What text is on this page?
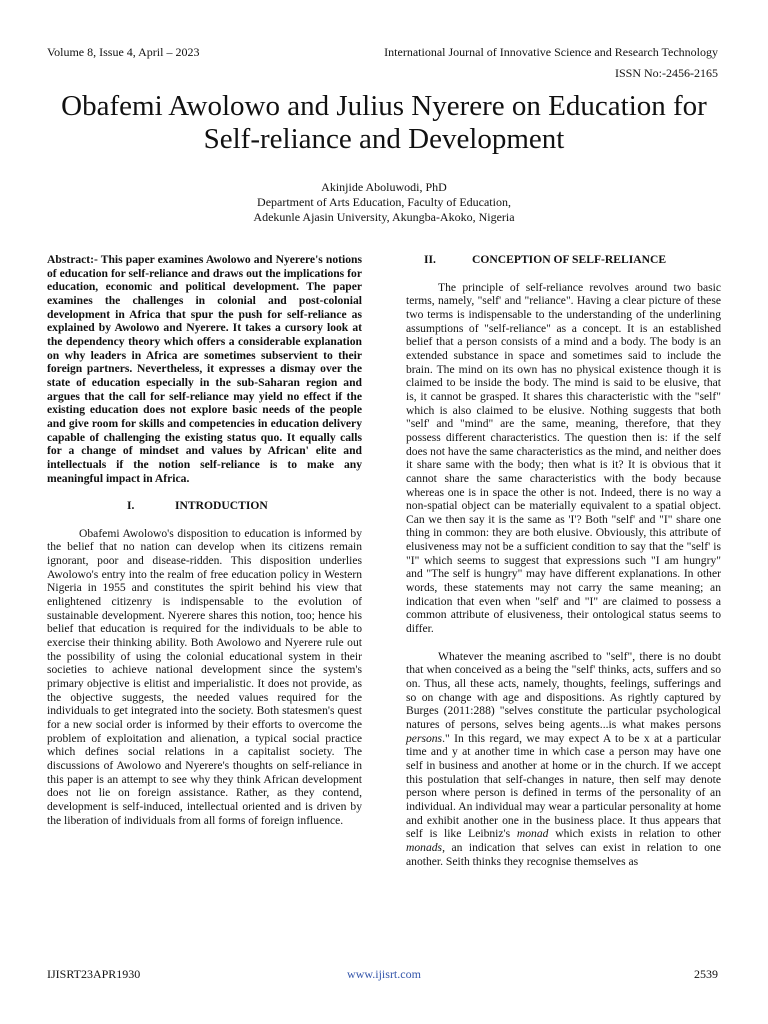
Volume 8, Issue 4, April – 2023	International Journal of Innovative Science and Research Technology
ISSN No:-2456-2165
Obafemi Awolowo and Julius Nyerere on Education for Self-reliance and Development
Akinjide Aboluwodi, PhD
Department of Arts Education, Faculty of Education,
Adekunle Ajasin University, Akungba-Akoko, Nigeria

Abstract:- This paper examines Awolowo and Nyerere's notions of education for self-reliance and draws out the implications for education, economic and political development. The paper examines the challenges in colonial and post-colonial development in Africa that spur the push for self-reliance as explained by Awolowo and Nyerere. It takes a cursory look at the dependency theory which offers a considerable explanation on why leaders in Africa are sometimes subservient to their foreign partners. Nevertheless, it expresses a dismay over the state of education especially in the sub-Saharan region and argues that the call for self-reliance may yield no effect if the existing education does not explore basic needs of the people and give room for skills and competencies in education delivery capable of challenging the existing status quo. It equally calls for a change of mindset and values by African' elite and intellectuals if the notion self-reliance is to make any meaningful impact in Africa.

I.	INTRODUCTION

Obafemi Awolowo's disposition to education is informed by the belief that no nation can develop when its citizens remain ignorant, poor and disease-ridden. This disposition underlies Awolowo's entry into the realm of free education policy in Western Nigeria in 1955 and constitutes the spirit behind his view that enlightened citizenry is indispensable to the evolution of sustainable development. Nyerere shares this notion, too; hence his belief that education is required for the individuals to be able to exercise their thinking ability. Both Awolowo and Nyerere rule out the possibility of using the colonial educational system in their societies to achieve national development since the system's primary objective is elitist and imperialistic. It does not provide, as the objective suggests, the needed values required for the individuals to get integrated into the society. Both statesmen's quest for a new social order is informed by their efforts to overcome the problem of exploitation and alienation, a typical social practice which defines social relations in a capitalist society. The discussions of Awolowo and Nyerere's thoughts on self-reliance in this paper is an attempt to see why they think African development does not lie on foreign assistance. Rather, as they contend, development is self-induced, intellectual oriented and is driven by the liberation of individuals from all forms of foreign influence.

II.	CONCEPTION OF SELF-RELIANCE

The principle of self-reliance revolves around two basic terms, namely, "self' and "reliance". Having a clear picture of these two terms is indispensable to the understanding of the underlining assumptions of "self-reliance" as a concept. It is an established belief that a person consists of a mind and a body. The body is an extended substance in space and sometimes said to include the brain. The mind on its own has no physical existence though it is claimed to be inside the body. The mind is said to be elusive, that is, it cannot be grasped. It shares this characteristic with the "self" which is also claimed to be elusive. Nothing suggests that both "self' and "mind" are the same, meaning, therefore, that they possess different characteristics. The question then is: if the self does not have the same characteristics as the mind, and neither does it share same with the body; then what is it? It is obvious that it cannot share the same characteristics with the body because whereas one is in space the other is not. Indeed, there is no way a non-spatial object can be materially equivalent to a spatial object. Can we then say it is the same as 'I'? Both "self' and "I" share one thing in common: they are both elusive. Obviously, this attribute of elusiveness may not be a sufficient condition to say that the "self' is "I" which seems to suggest that expressions such "I am hungry" and "The self is hungry" may have different explanations. In other words, these statements may not carry the same meaning; an indication that even when "self' and "I" are claimed to possess a common attribute of elusiveness, their ontological status seems to differ.

Whatever the meaning ascribed to "self", there is no doubt that when conceived as a being the "self' thinks, acts, suffers and so on. Thus, all these acts, namely, thoughts, feelings, sufferings and so on change with age and dispositions. As rightly captured by Burges (2011:288) "selves constitute the particular psychological natures of persons, selves being agents...is what makes persons persons." In this regard, we may expect A to be x at a particular time and y at another time in which case a person may have one self in business and another at home or in the church. If we accept this postulation that self-changes in nature, then self may denote person where person is defined in terms of the personality of an individual. An individual may wear a particular personality at home and exhibit another one in the business place. It thus appears that self is like Leibniz's monad which exists in relation to other monads, an indication that selves can exist in relation to one another. Seith thinks they recognise themselves as

IJISRT23APR1930	www.ijisrt.com	2539
